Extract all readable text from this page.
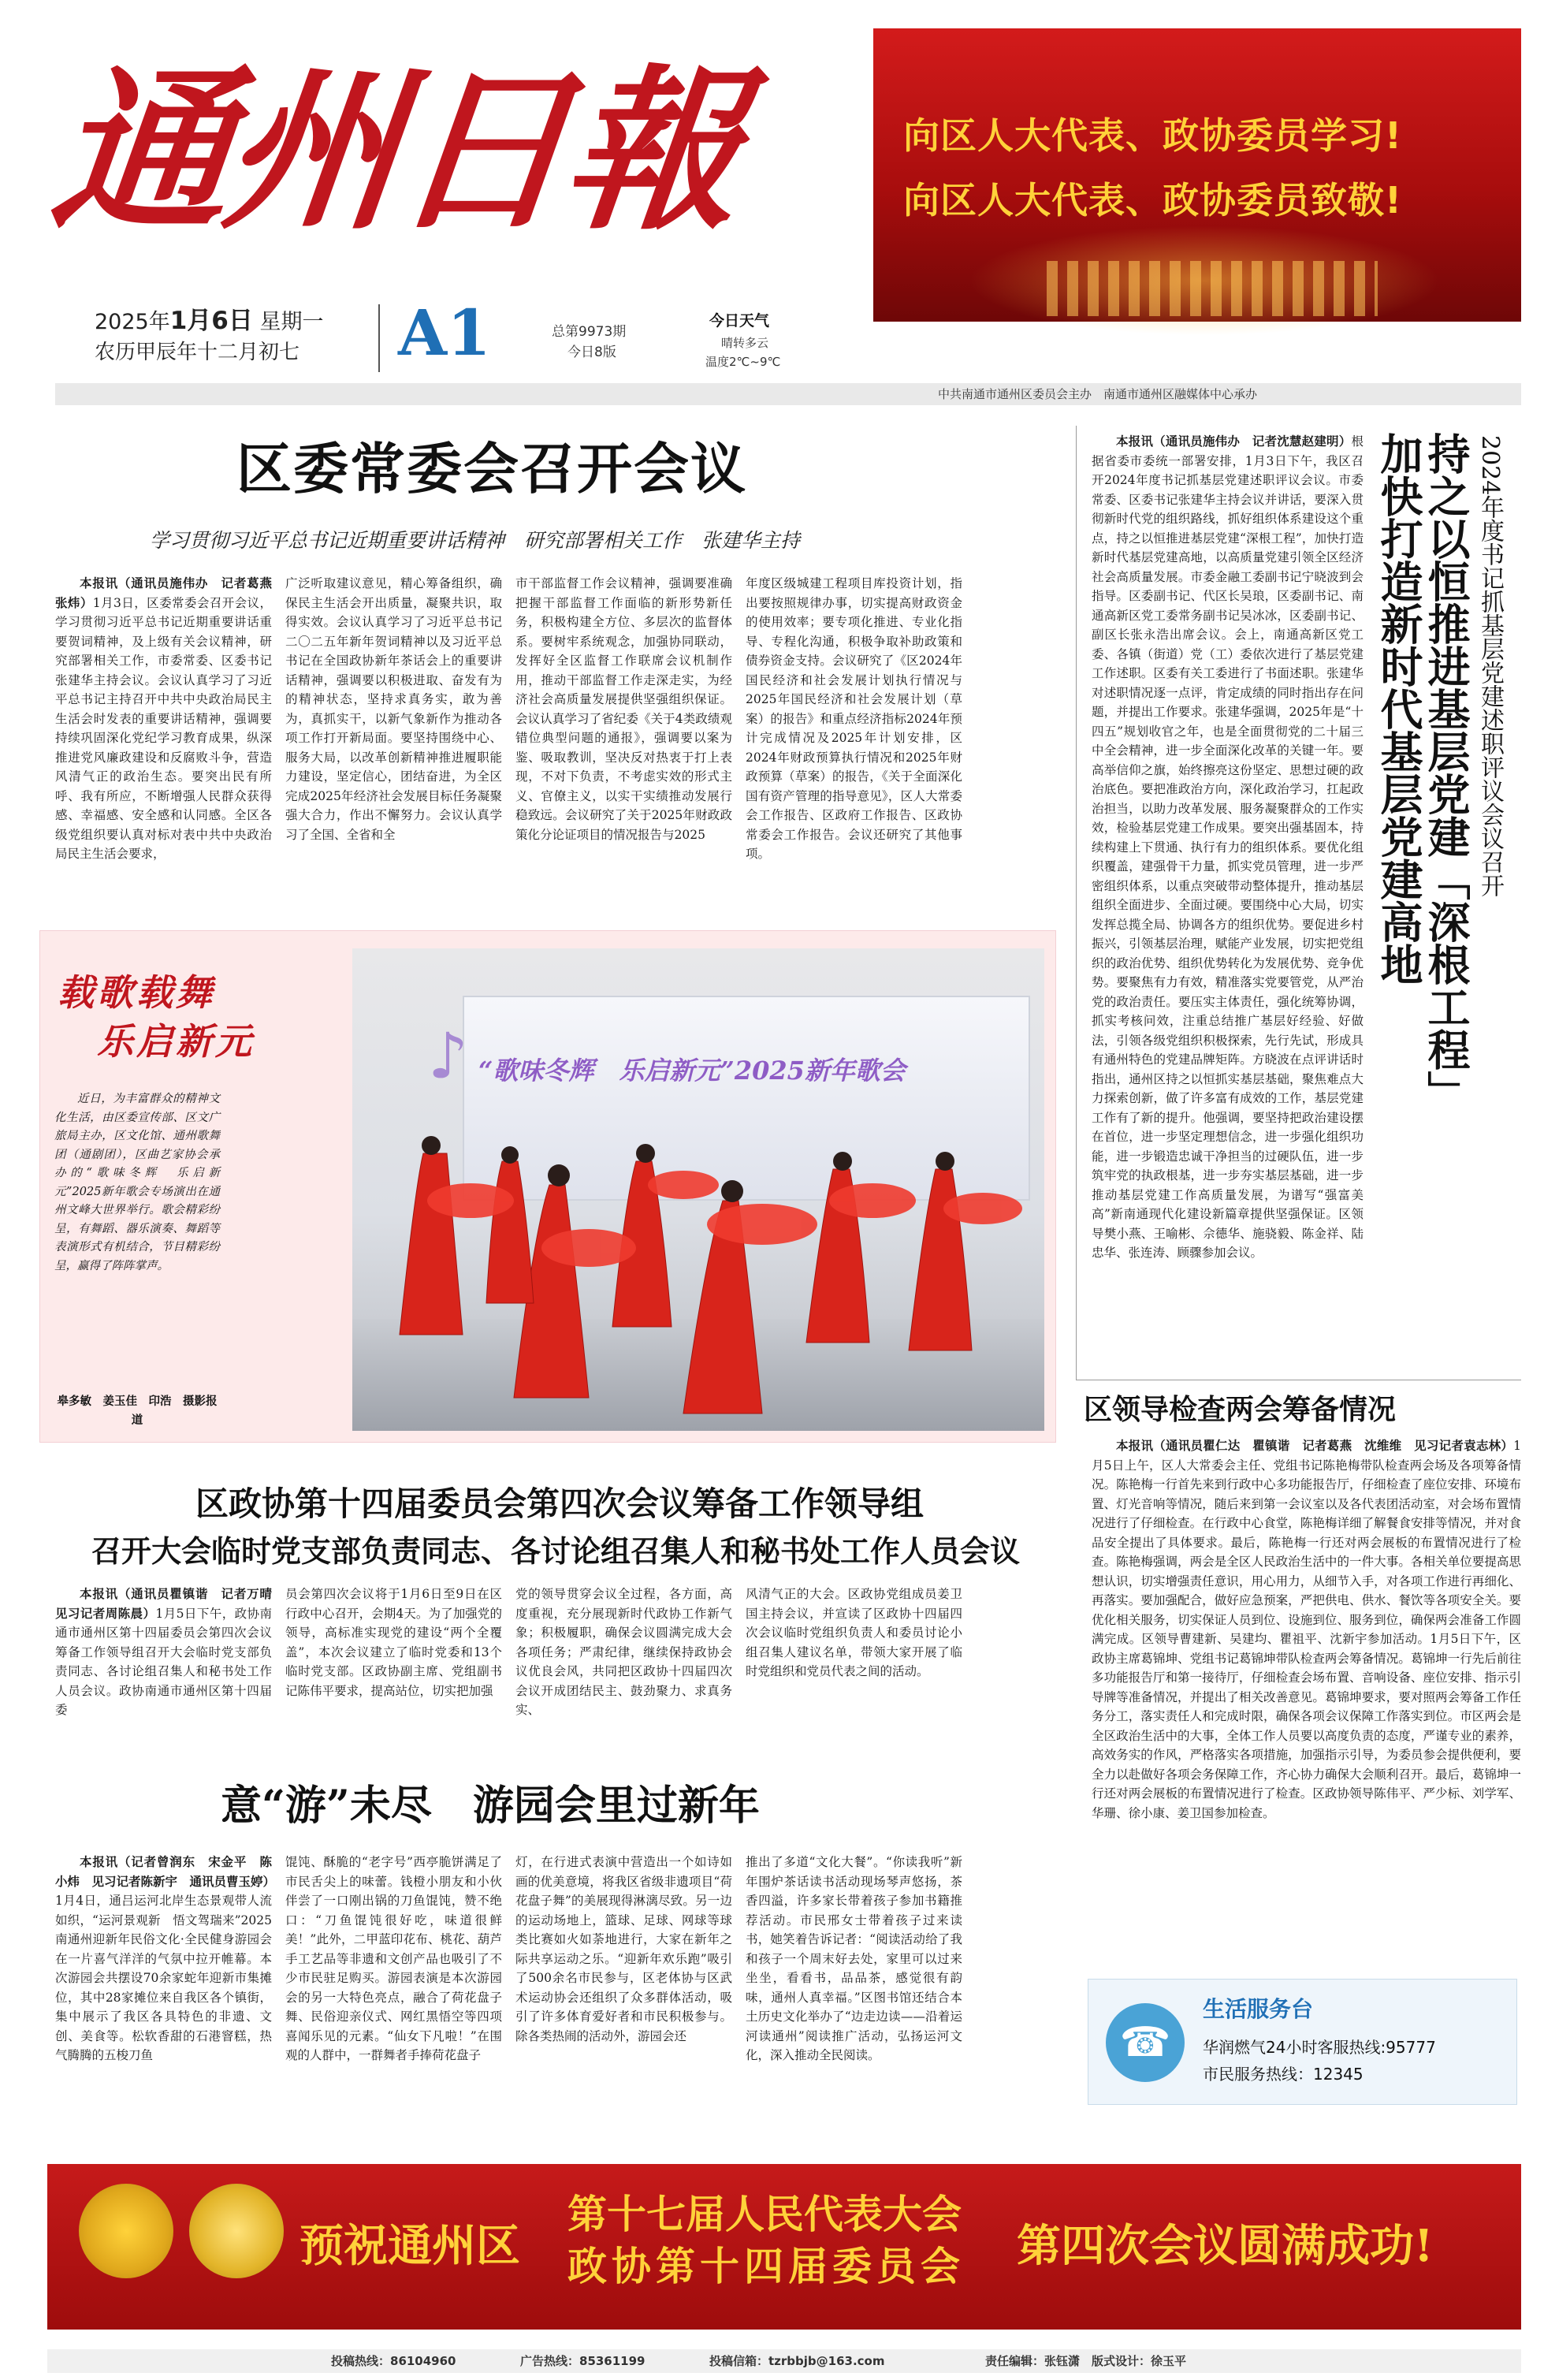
通州日報
2025年1月6日 星期一
农历甲辰年十二月初七 A1	总第9973期
今日8版
今日天气
晴转多云
温度2℃~9℃
向区人大代表、政协委员学习!
向区人大代表、政协委员致敬!
中共南通市通州区委员会主办　南通市通州区融媒体中心承办
区委常委会召开会议
学习贯彻习近平总书记近期重要讲话精神　研究部署相关工作　张建华主持

本报讯（通讯员施伟办　记者葛燕　张炜）1月3日，区委常委会召开会议，学习贯彻习近平总书记近期重要讲话重要贺词精神，及上级有关会议精神，研究部署相关工作，市委常委、区委书记张建华主持会议。会议认真学习了习近平总书记主持召开中共中央政治局民主生活会时发表的重要讲话精神，强调要持续巩固深化党纪学习教育成果，纵深推进党风廉政建设和反腐败斗争，营造风清气正的政治生态。要突出民有所呼、我有所应，不断增强人民群众获得感、幸福感、安全感和认同感。全区各级党组织要认真对标对表中共中央政治局民主生活会要求，

广泛听取建议意见，精心筹备组织，确保民主生活会开出质量，凝聚共识，取得实效。会议认真学习了习近平总书记二〇二五年新年贺词精神以及习近平总书记在全国政协新年茶话会上的重要讲话精神，强调要以积极进取、奋发有为的精神状态，坚持求真务实，敢为善为，真抓实干，以新气象新作为推动各项工作打开新局面。要坚持围绕中心、服务大局，以改革创新精神推进履职能力建设，坚定信心，团结奋进，为全区完成2025年经济社会发展目标任务凝聚强大合力，作出不懈努力。会议认真学习了全国、全省和全
市干部监督工作会议精神，强调要准确把握干部监督工作面临的新形势新任务，积极构建全方位、多层次的监督体系。要树牢系统观念，加强协同联动，发挥好全区监督工作联席会议机制作用，推动干部监督工作走深走实，为经济社会高质量发展提供坚强组织保证。会议认真学习了省纪委《关于4类政绩观错位典型问题的通报》，强调要以案为鉴、吸取教训，坚决反对热衷于打上表现，不对下负责，不考虑实效的形式主义、官僚主义，以实干实绩推动发展行稳致远。会议研究了关于2025年财政政策化分论证项目的情况报告与2025
年度区级城建工程项目库投资计划，指出要按照规律办事，切实提高财政资金的使用效率；要专项化推进、专业化指导、专程化沟通，积极争取补助政策和债券资金支持。会议研究了《区2024年国民经济和社会发展计划执行情况与2025年国民经济和社会发展计划（草案）的报告》和重点经济指标2024年预计完成情况及2025年计划安排，区2024年财政预算执行情况和2025年财政预算（草案）的报告，《关于全面深化国有资产管理的指导意见》，区人大常委会工作报告、区政府工作报告、区政协常委会工作报告。会议还研究了其他事项。

本报讯（通讯员施伟办　记者沈慧赵建明）根据省委市委统一部署安排，1月3日下午，我区召开2024年度书记抓基层党建述职评议会议。市委常委、区委书记张建华主持会议并讲话，要深入贯彻新时代党的组织路线，抓好组织体系建设这个重点，持之以恒推进基层党建“深根工程”，加快打造新时代基层党建高地，以高质量党建引领全区经济社会高质量发展。市委金融工委副书记宁晓波到会指导。区委副书记、代区长吴琅，区委副书记、南通高新区党工委常务副书记吴冰冰，区委副书记、副区长张永浩出席会议。会上，南通高新区党工委、各镇（街道）党（工）委依次进行了基层党建工作述职。区委有关工委进行了书面述职。张建华对述职情况逐一点评，肯定成绩的同时指出存在问题，并提出工作要求。张建华强调，2025年是“十四五”规划收官之年，也是全面贯彻党的二十届三中全会精神，进一步全面深化改革的关键一年。要高举信仰之旗，始终擦亮这份坚定、思想过硬的政治底色。要把准政治方向，深化政治学习，扛起政治担当，以助力改革发展、服务凝聚群众的工作实效，检验基层党建工作成果。要突出强基固本，持续构建上下贯通、执行有力的组织体系。要优化组织覆盖，建强骨干力量，抓实党员管理，进一步严密组织体系，以重点突破带动整体提升，推动基层组织全面进步、全面过硬。要围绕中心大局，切实发挥总揽全局、协调各方的组织优势。要促进乡村振兴，引领基层治理，赋能产业发展，切实把党组织的政治优势、组织优势转化为发展优势、竞争优势。要聚焦有力有效，精准落实党要管党，从严治党的政治责任。要压实主体责任，强化统筹协调，抓实考核问效，注重总结推广基层好经验、好做法，引领各级党组织积极探索，先行先试，形成具有通州特色的党建品牌矩阵。方晓波在点评讲话时指出，通州区持之以恒抓实基层基础，聚焦难点大力探索创新，做了许多富有成效的工作，基层党建工作有了新的提升。他强调，要坚持把政治建设摆在首位，进一步坚定理想信念，进一步强化组织功能，进一步锻造忠诚干净担当的过硬队伍，进一步筑牢党的执政根基，进一步夯实基层基础，进一步推动基层党建工作高质量发展，为谱写“强富美高”新南通现代化建设新篇章提供坚强保证。区领导樊小燕、王喻彬、佘德华、施骁毅、陈金祥、陆忠华、张连涛、顾骤参加会议。

持之以恒推进基层党建「深根工程」
加快打造新时代基层党建高地	2024年度书记抓基层党建述职评议会议召开
载歌载舞
乐启新元
近日，为丰富群众的精神文化生活，由区委宣传部、区文广旅局主办，区文化馆、通州歌舞团（通剧团），区曲艺家协会承办的“歌味冬辉　乐启新元”2025新年歌会专场演出在通州文峰大世界举行。歌会精彩纷呈，有舞蹈、器乐演奏、舞蹈等表演形式有机结合，节目精彩纷呈，赢得了阵阵掌声。
皋多敏　姜玉佳　印浩　摄影报道
“歌味冬辉　乐启新元”2025新年歌会
♪
区领导检查两会筹备情况

本报讯（通讯员瞿仁达　瞿镇谐　记者葛燕　沈维维　见习记者袁志林）1月5日上午，区人大常委会主任、党组书记陈艳梅带队检查两会场及各项筹备情况。陈艳梅一行首先来到行政中心多功能报告厅，仔细检查了座位安排、环境布置、灯光音响等情况，随后来到第一会议室以及各代表团活动室，对会场布置情况进行了仔细检查。在行政中心食堂，陈艳梅详细了解餐食安排等情况，并对食品安全提出了具体要求。最后，陈艳梅一行还对两会展板的布置情况进行了检查。陈艳梅强调，两会是全区人民政治生活中的一件大事。各相关单位要提高思想认识，切实增强责任意识，用心用力，从细节入手，对各项工作进行再细化、再落实。要加强配合，做好应急预案，严把供电、供水、餐饮等各项安全关。要优化相关服务，切实保证人员到位、设施到位、服务到位，确保两会准备工作圆满完成。区领导曹建新、吴建均、瞿祖平、沈新宇参加活动。1月5日下午，区政协主席葛锦坤、党组书记葛锦坤带队检查两会筹备情况。葛锦坤一行先后前往多功能报告厅和第一接待厅，仔细检查会场布置、音响设备、座位安排、指示引导牌等准备情况，并提出了相关改善意见。葛锦坤要求，要对照两会筹备工作任务分工，落实责任人和完成时限，确保各项会议保障工作落实到位。市区两会是全区政治生活中的大事，全体工作人员要以高度负责的态度，严谨专业的素养，高效务实的作风，严格落实各项措施，加强指示引导，为委员参会提供便利，要全力以赴做好各项会务保障工作，齐心协力确保大会顺利召开。最后，葛锦坤一行还对两会展板的布置情况进行了检查。区政协领导陈伟平、严少标、刘学军、华珊、徐小康、姜卫国参加检查。

☎
生活服务台
华润燃气24小时客服热线:95777
市民服务热线：12345
区政协第十四届委员会第四次会议筹备工作领导组
召开大会临时党支部负责同志、各讨论组召集人和秘书处工作人员会议

本报讯（通讯员瞿镇谐　记者万晴　见习记者周陈晨）1月5日下午，政协南通市通州区第十四届委员会第四次会议筹备工作领导组召开大会临时党支部负责同志、各讨论组召集人和秘书处工作人员会议。政协南通市通州区第十四届委

员会第四次会议将于1月6日至9日在区行政中心召开，会期4天。为了加强党的领导，高标准实现党的建设“两个全覆盖”，本次会议建立了临时党委和13个临时党支部。区政协副主席、党组副书记陈伟平要求，提高站位，切实把加强
党的领导贯穿会议全过程，各方面，高度重视，充分展现新时代政协工作新气象；积极履职，确保会议圆满完成大会各项任务；严肃纪律，继续保持政协会议优良会风，共同把区政协十四届四次会议开成团结民主、鼓劲聚力、求真务实、
风清气正的大会。区政协党组成员姜卫国主持会议，并宣读了区政协十四届四次会议临时党组织负责人和委员讨论小组召集人建议名单，带领大家开展了临时党组织和党员代表之间的活动。
意“游”未尽　游园会里过新年

本报讯（记者曾润东　宋金平　陈小炜　见习记者陈新宇　通讯员曹玉婷）1月4日，通吕运河北岸生态景观带人流如织，“运河景观新　悟文驾瑞来”2025南通州迎新年民俗文化·全民健身游园会在一片喜气洋洋的气氛中拉开帷幕。本次游园会共摆设70余家蛇年迎新市集摊位，其中28家摊位来自我区各个镇街，集中展示了我区各具特色的非遗、文创、美食等。松软香甜的石港窨糕，热气腾腾的五梭刀鱼

馄饨、酥脆的“老字号”西亭脆饼满足了市民舌尖上的味蕾。钱橙小朋友和小伙伴尝了一口刚出锅的刀鱼馄饨，赞不绝口：“刀鱼馄饨很好吃，味道很鲜美！”此外，二甲蓝印花布、桃花、葫芦手工艺品等非遗和文创产品也吸引了不少市民驻足购买。游园表演是本次游园会的另一大特色亮点，融合了荷花盘子舞、民俗迎亲仪式、网红黑悟空等四项喜闻乐见的元素。“仙女下凡啦！”在围观的人群中，一群舞者手捧荷花盘子
灯，在行进式表演中营造出一个如诗如画的优美意境，将我区省级非遗项目“荷花盘子舞”的美展现得淋漓尽致。另一边的运动场地上，篮球、足球、网球等球类比赛如火如荼地进行，大家在新年之际共享运动之乐。“迎新年欢乐跑”吸引了500余名市民参与，区老体协与区武术运动协会还组织了众多群体活动，吸引了许多体育爱好者和市民积极参与。除各类热闹的活动外，游园会还
推出了多道“文化大餐”。“你读我听”新年围炉茶话读书活动现场琴声悠扬，茶香四溢，许多家长带着孩子参加书籍推荐活动。市民邢女士带着孩子过来读书，她笑着告诉记者：“阅读活动给了我和孩子一个周末好去处，家里可以过来坐坐，看看书，品品茶，感觉很有韵味，通州人真幸福。”区图书馆还结合本土历史文化举办了“边走边读——沿着运河读通州”阅读推广活动，弘扬运河文化，深入推动全民阅读。
预祝通州区
第十七届人民代表大会
政协第十四届委员会 第四次会议圆满成功!
投稿热线：86104960	广告热线：85361199	投稿信箱：tzrbbjb@163.com	责任编辑：张钰潇　版式设计：徐玉平
